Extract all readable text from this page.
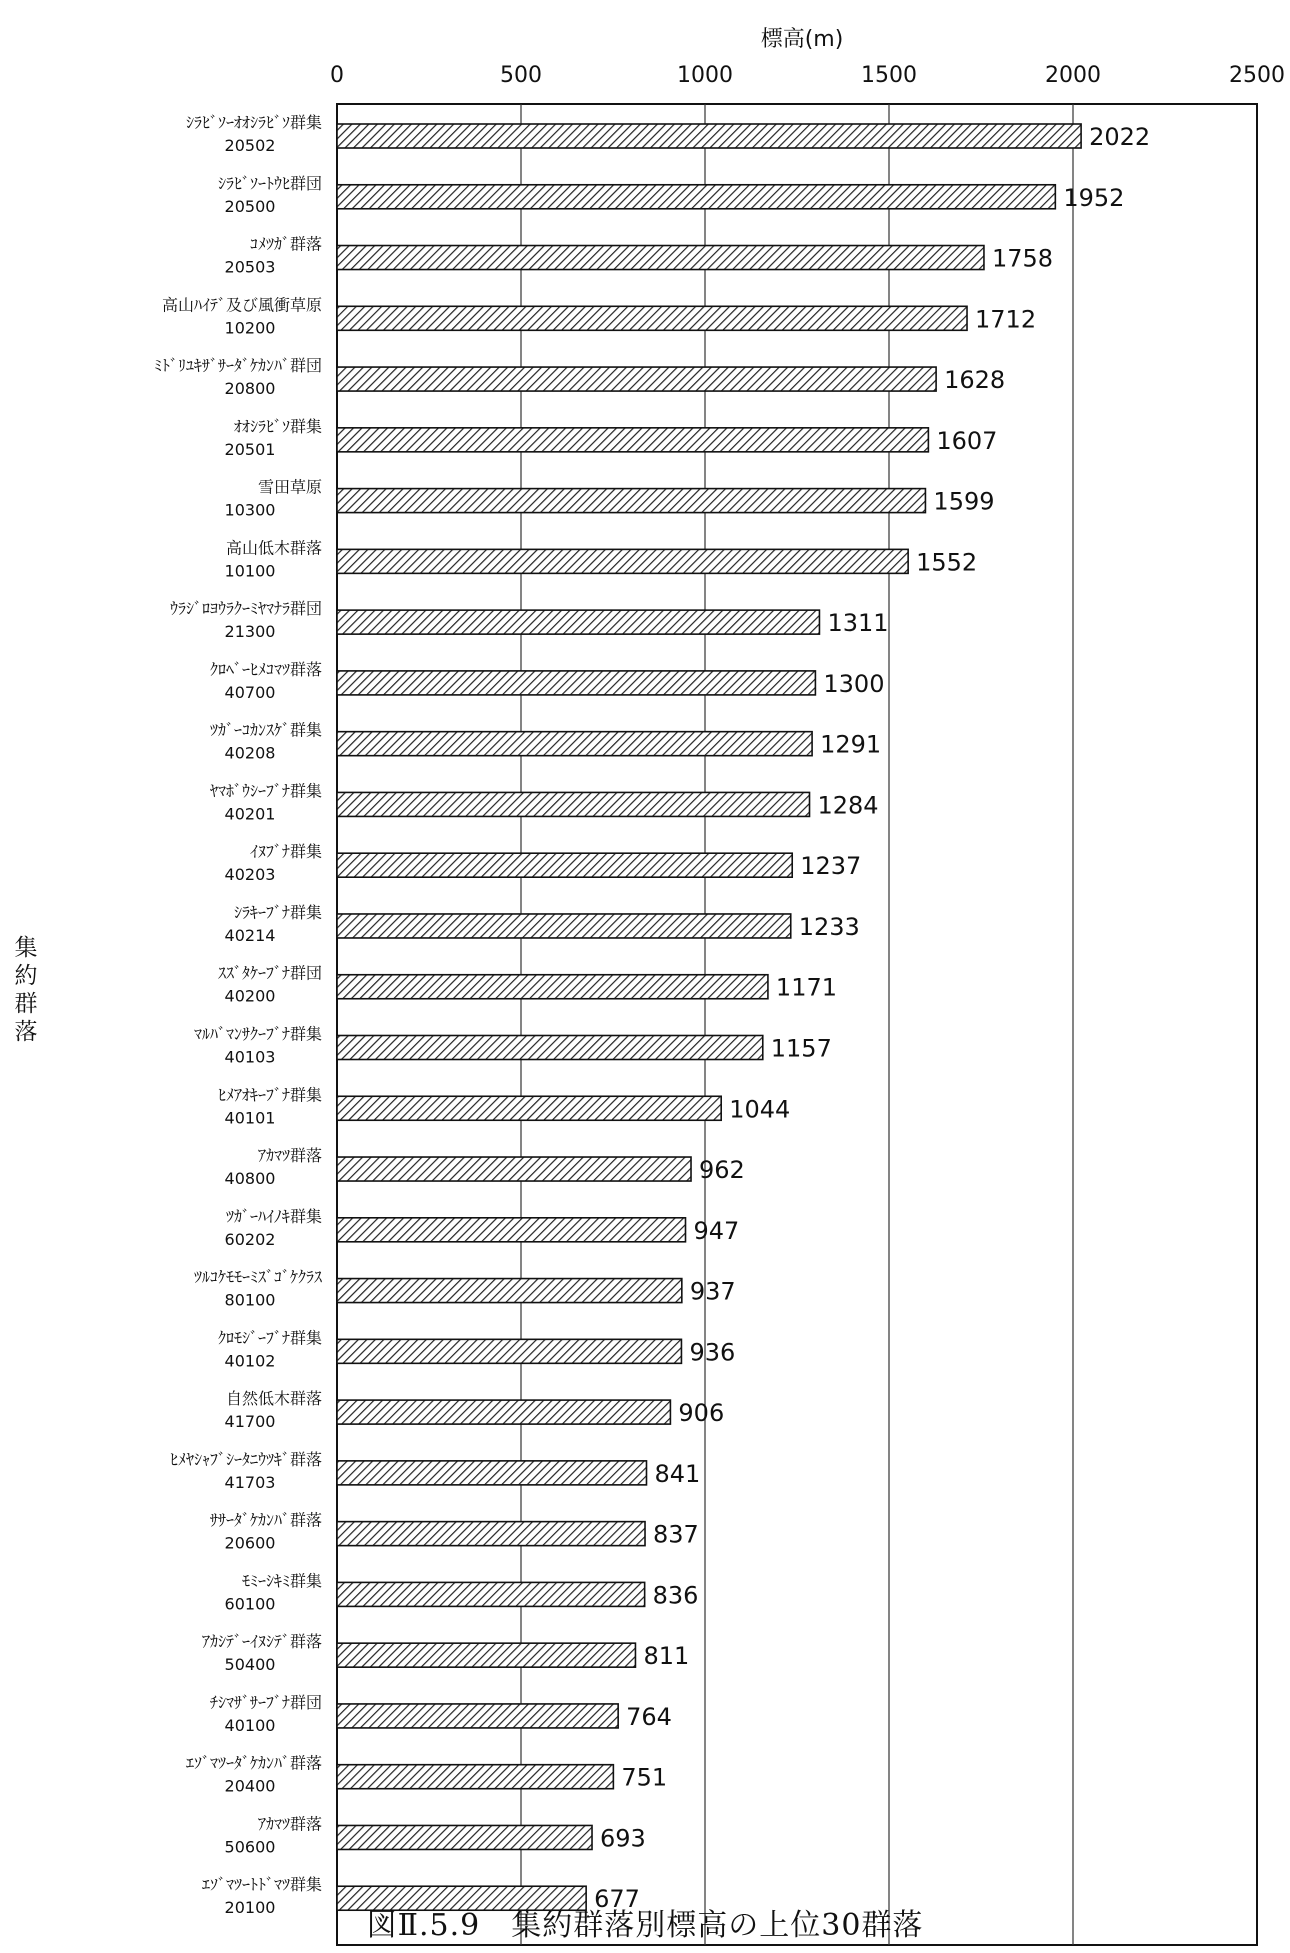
0	500	1000	1500	2000	2500
標高(m)
集約群落
ｼﾗﾋﾞｿｰｵｵｼﾗﾋﾞｿ群集
20502
ｼﾗﾋﾞｿｰﾄｳﾋ群団
20500
ｺﾒﾂｶﾞ群落
20503
高山ﾊｲﾃﾞ及び風衝草原
10200
ﾐﾄﾞﾘﾕｷｻﾞｻｰﾀﾞｹｶﾝﾊﾞ群団
20800
ｵｵｼﾗﾋﾞｿ群集
20501
雪田草原
10300
高山低木群落
10100
ｳﾗｼﾞﾛﾖｳﾗｸｰﾐﾔﾏﾅﾗ群団
21300
ｸﾛﾍﾞｰﾋﾒｺﾏﾂ群落
40700
ﾂｶﾞｰｺｶﾝｽｹﾞ群集
40208
ﾔﾏﾎﾞｳｼｰﾌﾞﾅ群集
40201
ｲﾇﾌﾞﾅ群集
40203
ｼﾗｷｰﾌﾞﾅ群集
40214
ｽｽﾞﾀｹｰﾌﾞﾅ群団
40200
ﾏﾙﾊﾞﾏﾝｻｸｰﾌﾞﾅ群集
40103
ﾋﾒｱｵｷｰﾌﾞﾅ群集
40101
ｱｶﾏﾂ群落
40800
ﾂｶﾞｰﾊｲﾉｷ群集
60202
ﾂﾙｺｹﾓﾓｰﾐｽﾞｺﾞｹｸﾗｽ
80100
ｸﾛﾓｼﾞｰﾌﾞﾅ群集
40102
自然低木群落
41700
ﾋﾒﾔｼｬﾌﾞｼｰﾀﾆｳﾂｷﾞ群落
41703
ｻｻｰﾀﾞｹｶﾝﾊﾞ群落
20600
ﾓﾐｰｼｷﾐ群集
60100
ｱｶｼﾃﾞｰｲﾇｼﾃﾞ群落
50400
ﾁｼﾏｻﾞｻｰﾌﾞﾅ群団
40100
ｴｿﾞﾏﾂｰﾀﾞｹｶﾝﾊﾞ群落
20400
ｱｶﾏﾂ群落
50600
ｴｿﾞﾏﾂｰﾄﾄﾞﾏﾂ群集
20100
2022
1952
1758
1712
1628
1607
1599
1552
1311
1300
1291
1284
1237
1233
1171
1157
1044
962
947
937
936
906
841
837
836
811
764
751
693
677
図Ⅱ.5.9　集約群落別標高の上位30群落
